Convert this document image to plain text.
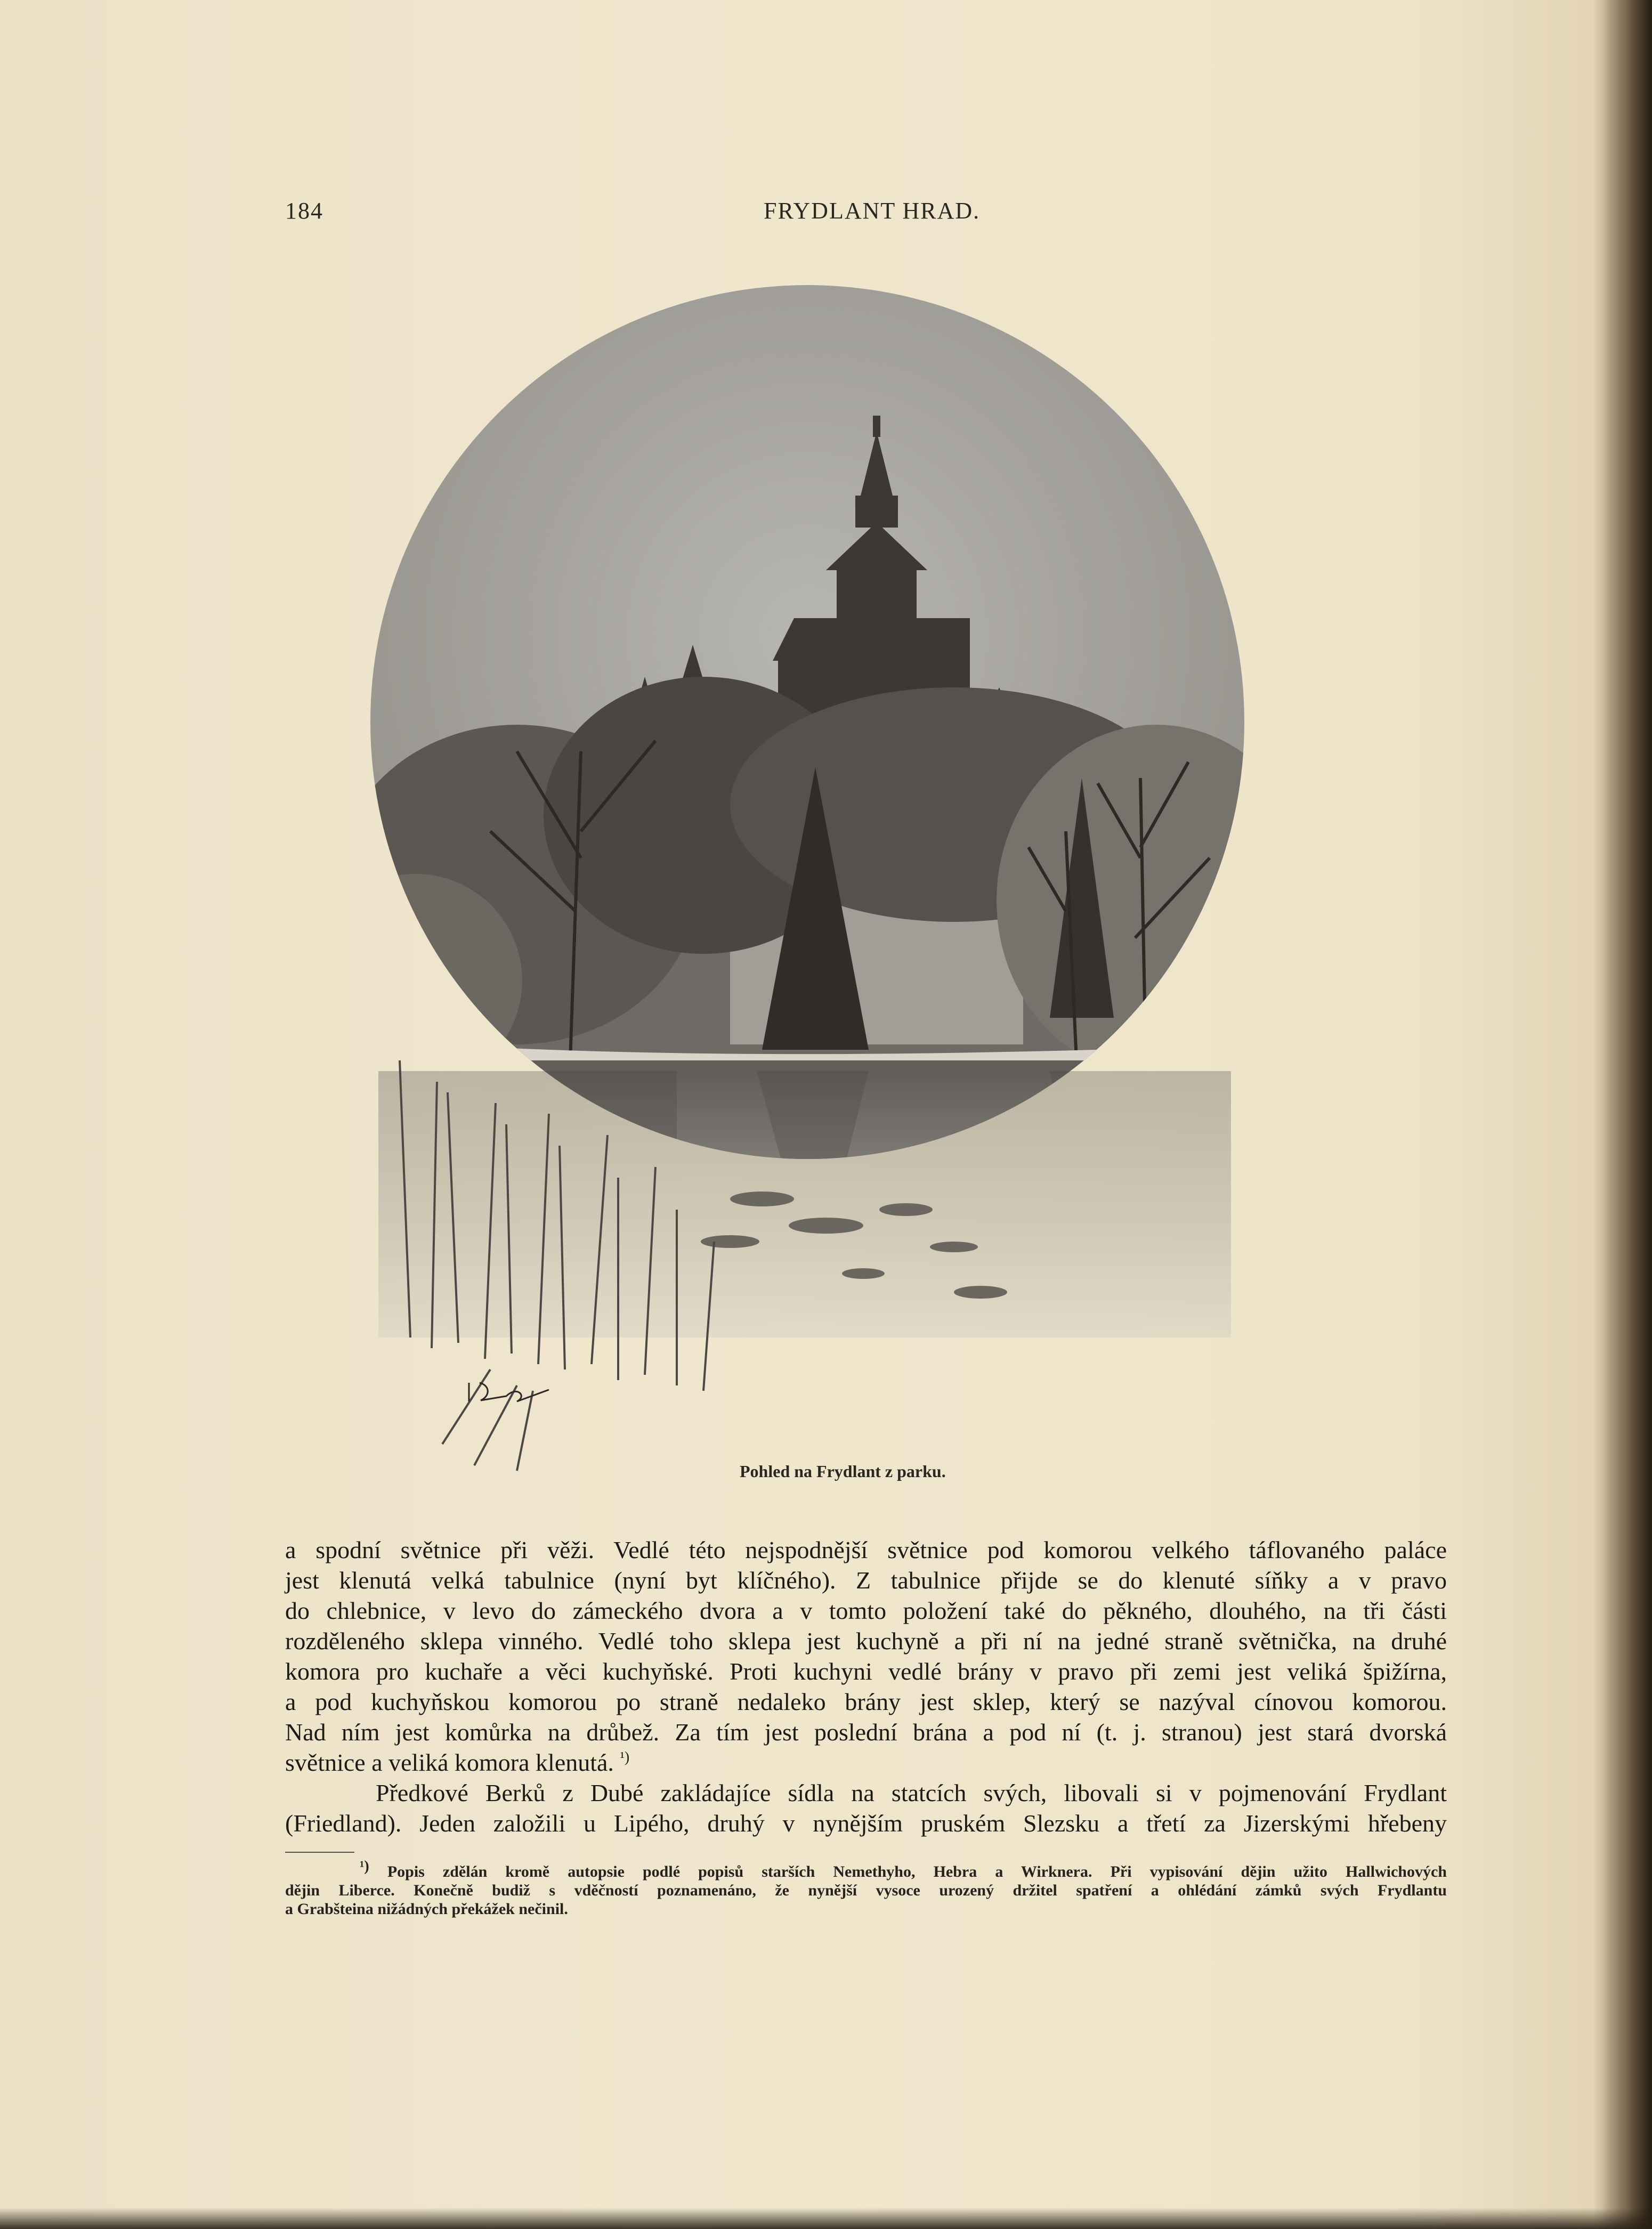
184	FRYDLANT HRAD.
Pohled na Frydlant z parku.
a spodní světnice při věži. Vedlé této nejspodnější světnice pod komorou velkého táflovaného paláce
jest klenutá velká tabulnice (nyní byt klíčného). Z tabulnice přijde se do klenuté síňky a v pravo
do chlebnice, v levo do zámeckého dvora a v tomto položení také do pěkného, dlouhého, na tři části
rozděleného sklepa vinného. Vedlé toho sklepa jest kuchyně a při ní na jedné straně světnička, na druhé
komora pro kuchaře a věci kuchyňské. Proti kuchyni vedlé brány v pravo při zemi jest veliká špižírna,
a pod kuchyňskou komorou po straně nedaleko brány jest sklep, který se nazýval cínovou komorou.
Nad ním jest komůrka na drůbež. Za tím jest poslední brána a pod ní (t. j. stranou) jest stará dvorská
světnice a veliká komora klenutá. $^{^1)}$
Předkové Berků z Dubé zakládajíce sídla na statcích svých, libovali si v pojmenování Frydlant
(Friedland). Jeden založili u Lipého, druhý v nynějším pruském Slezsku a třetí za Jizerskými hřebeny
$^{^1)}$ Popis zdělán kromě autopsie podlé popisů starších Nemethyho, Hebra a Wirknera. Při vypisování dějin užito Hallwichových
dějin Liberce. Konečně budiž s vděčností poznamenáno, že nynější vysoce urozený držitel spatření a ohlédání zámků svých Frydlantu
a Grabšteina nižádných překážek nečinil.
